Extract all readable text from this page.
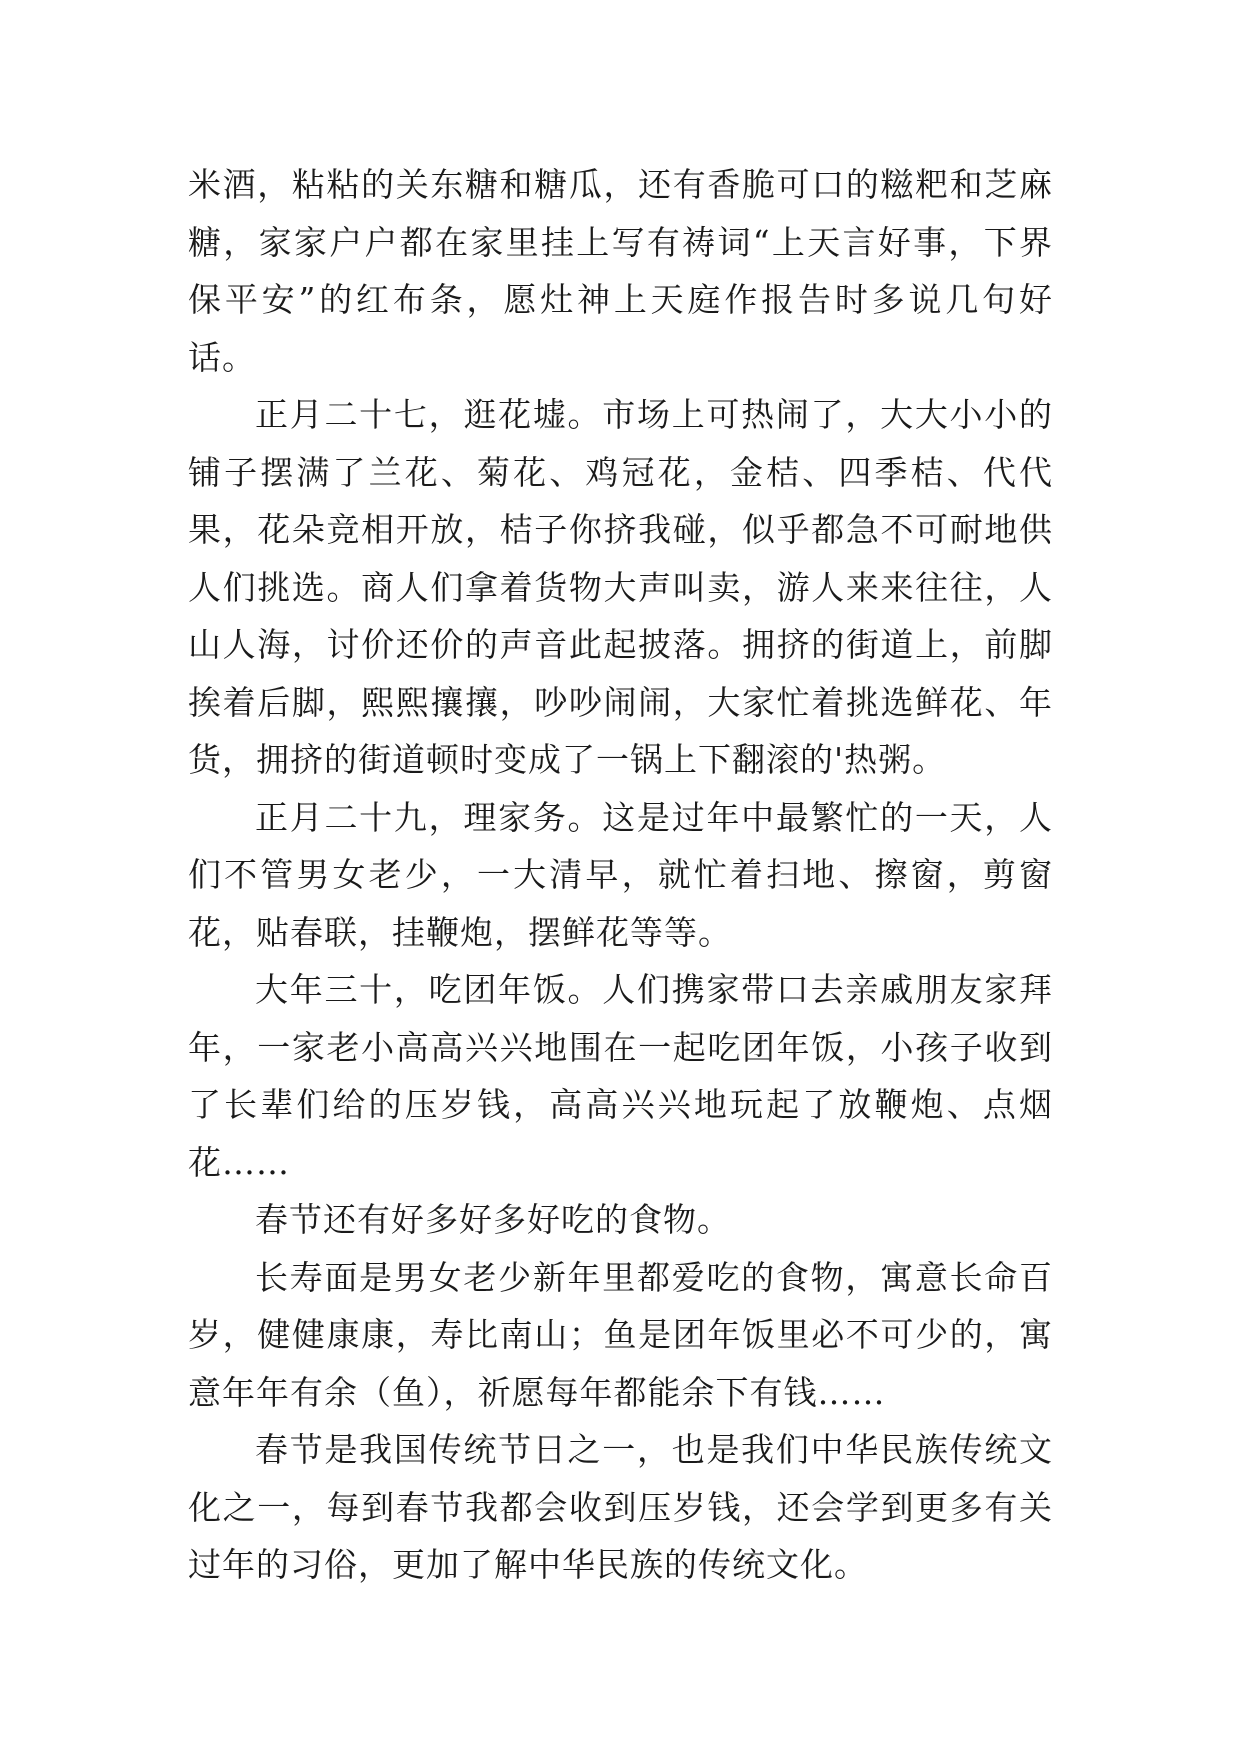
米酒，粘粘的关东糖和糖瓜，还有香脆可口的糍粑和芝麻糖，家家户户都在家里挂上写有祷词“上天言好事，下界保平安”的红布条，愿灶神上天庭作报告时多说几句好话。

正月二十七，逛花墟。市场上可热闹了，大大小小的铺子摆满了兰花、菊花、鸡冠花，金桔、四季桔、代代果，花朵竞相开放，桔子你挤我碰，似乎都急不可耐地供人们挑选。商人们拿着货物大声叫卖，游人来来往往，人山人海，讨价还价的声音此起披落。拥挤的街道上，前脚挨着后脚，熙熙攘攘，吵吵闹闹，大家忙着挑选鲜花、年货，拥挤的街道顿时变成了一锅上下翻滚的'热粥。

正月二十九，理家务。这是过年中最繁忙的一天，人们不管男女老少，一大清早，就忙着扫地、擦窗，剪窗花，贴春联，挂鞭炮，摆鲜花等等。

大年三十，吃团年饭。人们携家带口去亲戚朋友家拜年，一家老小高高兴兴地围在一起吃团年饭，小孩子收到了长辈们给的压岁钱，高高兴兴地玩起了放鞭炮、点烟花……

春节还有好多好多好吃的食物。

长寿面是男女老少新年里都爱吃的食物，寓意长命百岁，健健康康，寿比南山；鱼是团年饭里必不可少的，寓意年年有余（鱼），祈愿每年都能余下有钱……

春节是我国传统节日之一，也是我们中华民族传统文化之一，每到春节我都会收到压岁钱，还会学到更多有关过年的习俗，更加了解中华民族的传统文化。
